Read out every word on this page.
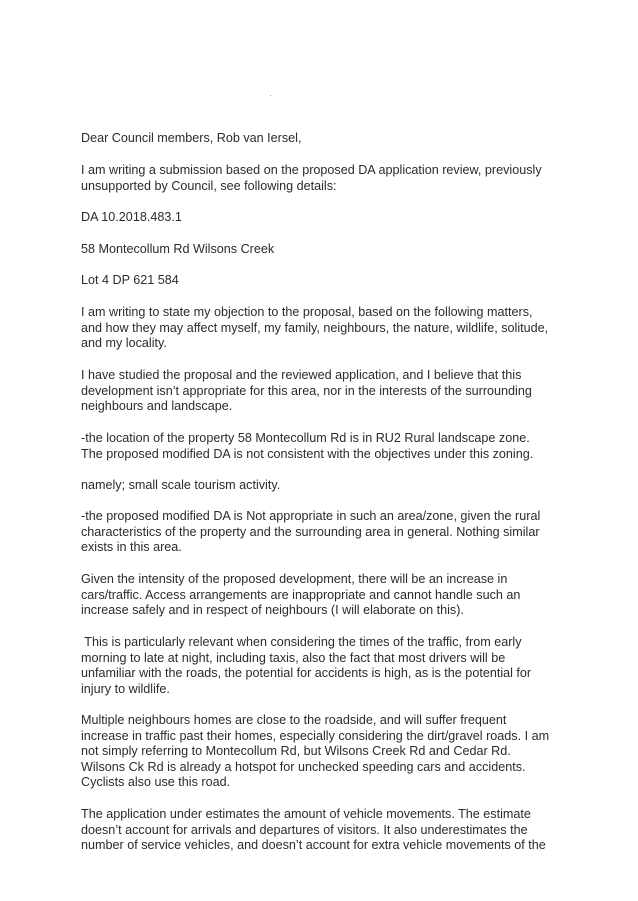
Dear Council members, Rob van Iersel,

I am writing a submission based on the proposed DA application review, previously
unsupported by Council, see following details:

DA 10.2018.483.1

58 Montecollum Rd Wilsons Creek

Lot 4 DP 621 584

I am writing to state my objection to the proposal, based on the following matters,
and how they may affect myself, my family, neighbours, the nature, wildlife, solitude,
and my locality.

I have studied the proposal and the reviewed application, and I believe that this
development isn’t appropriate for this area, nor in the interests of the surrounding
neighbours and landscape.

-the location of the property 58 Montecollum Rd is in RU2 Rural landscape zone.
The proposed modified DA is not consistent with the objectives under this zoning.

namely; small scale tourism activity.

-the proposed modified DA is Not appropriate in such an area/zone, given the rural
characteristics of the property and the surrounding area in general. Nothing similar
exists in this area.

Given the intensity of the proposed development, there will be an increase in
cars/traffic. Access arrangements are inappropriate and cannot handle such an
increase safely and in respect of neighbours (I will elaborate on this).

This is particularly relevant when considering the times of the traffic, from early
morning to late at night, including taxis, also the fact that most drivers will be
unfamiliar with the roads, the potential for accidents is high, as is the potential for
injury to wildlife.

Multiple neighbours homes are close to the roadside, and will suffer frequent
increase in traffic past their homes, especially considering the dirt/gravel roads. I am
not simply referring to Montecollum Rd, but Wilsons Creek Rd and Cedar Rd.
Wilsons Ck Rd is already a hotspot for unchecked speeding cars and accidents.
Cyclists also use this road.

The application under estimates the amount of vehicle movements. The estimate
doesn’t account for arrivals and departures of visitors. It also underestimates the
number of service vehicles, and doesn’t account for extra vehicle movements of the
